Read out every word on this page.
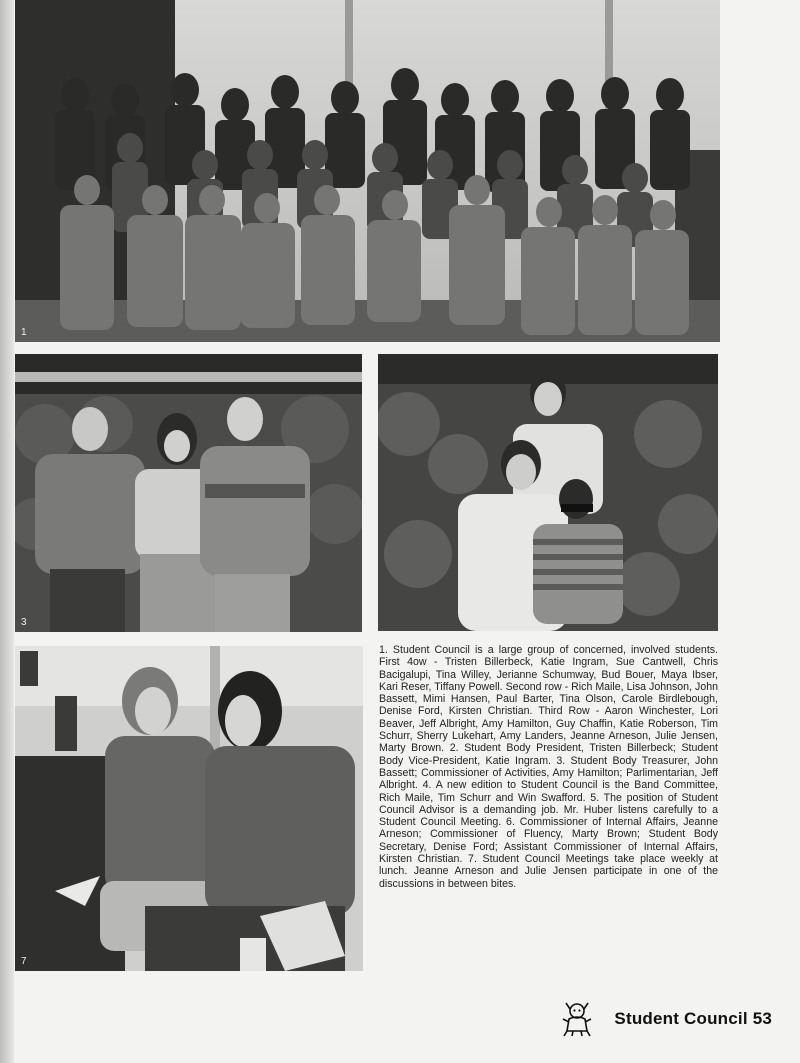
1
3
7

1. Student Council is a large group of concerned, involved students. First 4ow - Tristen Billerbeck, Katie Ingram, Sue Cantwell, Chris Bacigalupi, Tina Willey, Jerianne Schumway, Bud Bouer, Maya Ibser, Kari Reser, Tiffany Powell. Second row - Rich Maile, Lisa Johnson, John Bassett, Mimi Hansen, Paul Barter, Tina Olson, Carole Birdlebough, Denise Ford, Kirsten Christian. Third Row - Aaron Winchester, Lori Beaver, Jeff Albright, Amy Hamilton, Guy Chaffin, Katie Roberson, Tim Schurr, Sherry Lukehart, Amy Landers, Jeanne Arneson, Julie Jensen, Marty Brown. 2. Student Body President, Tristen Billerbeck; Student Body Vice-President, Katie Ingram. 3. Student Body Treasurer, John Bassett; Commissioner of Activities, Amy Hamilton; Parlimentarian, Jeff Albright. 4. A new edition to Student Council is the Band Committee, Rich Maile, Tim Schurr and Win Swafford. 5. The position of Student Council Advisor is a demanding job. Mr. Huber listens carefully to a Student Council Meeting. 6. Commissioner of Internal Affairs, Jeanne Arneson; Commissioner of Fluency, Marty Brown; Student Body Secretary, Denise Ford; Assistant Commissioner of Internal Affairs, Kirsten Christian. 7. Student Council Meetings take place weekly at lunch. Jeanne Arneson and Julie Jensen participate in one of the discussions in between bites.

Student Council 53
